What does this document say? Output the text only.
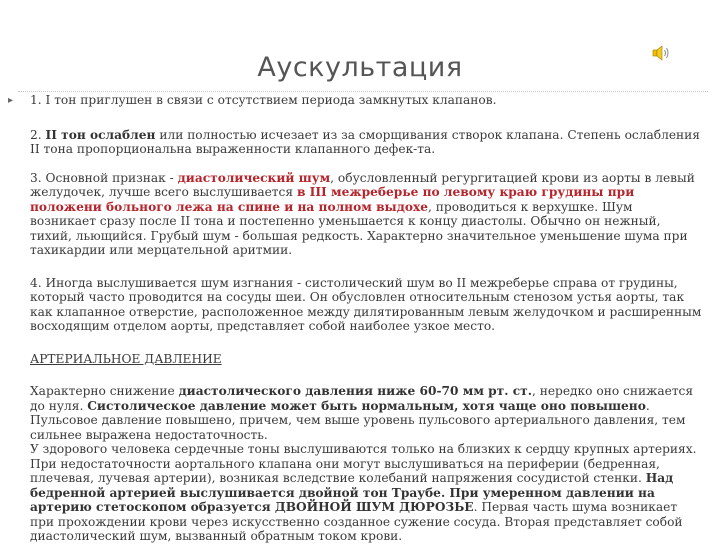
Аускультация
▸ 1. I тон приглушен в связи с отсутствием периода замкнутых клапанов.

2. II тон ослаблен или полностью исчезает из за сморщивания створок клапана. Степень ослабления II тона пропорциональна выраженности клапанного дефек-та.

3. Основной признак - диастолический шум, обусловленный регургитацией крови из аорты в левый желудочек, лучше всего выслушивается в III межреберье по левому краю грудины при положени больного лежа на спине и на полном выдохе, проводиться к верхушке. Шум возникает сразу после II тона и постепенно уменьшается к концу диастолы. Обычно он нежный, тихий, льющийся. Грубый шум - большая редкость. Характерно значительное уменьшение шума при тахикардии или мерцательной аритмии.

4. Иногда выслушивается шум изгнания - систолический шум во II межреберье справа от грудины, который часто проводится на сосуды шеи. Он обусловлен относительным стенозом устья аорты, так как клапанное отверстие, расположенное между дилятированным левым желудочком и расширенным восходящим отделом аорты, представляет собой наиболее узкое место.

АРТЕРИАЛЬНОЕ ДАВЛЕНИЕ

Характерно снижение диастолического давления ниже 60-70 мм рт. ст., нередко оно снижается до нуля. Систолическое давление может быть нормальным, хотя чаще оно повышено. Пульсовое давление повышено, причем, чем выше уровень пульсового артериального давления, тем сильнее выражена недостаточность.

У здорового человека сердечные тоны выслушиваются только на близких к сердцу крупных артериях. При недостаточности аортального клапана они могут выслушиваться на периферии (бедренная, плечевая, лучевая артерии), возникая вследствие колебаний напряжения сосудистой стенки. Над бедренной артерией выслушивается двойной тон Траубе. При умеренном давлении на артерию стетоскопом образуется ДВОЙНОЙ ШУМ ДЮРОЗЬЕ. Первая часть шума возникает при прохождении крови через искусственно созданное сужение сосуда. Вторая представляет собой диастолический шум, вызванный обратным током крови.
